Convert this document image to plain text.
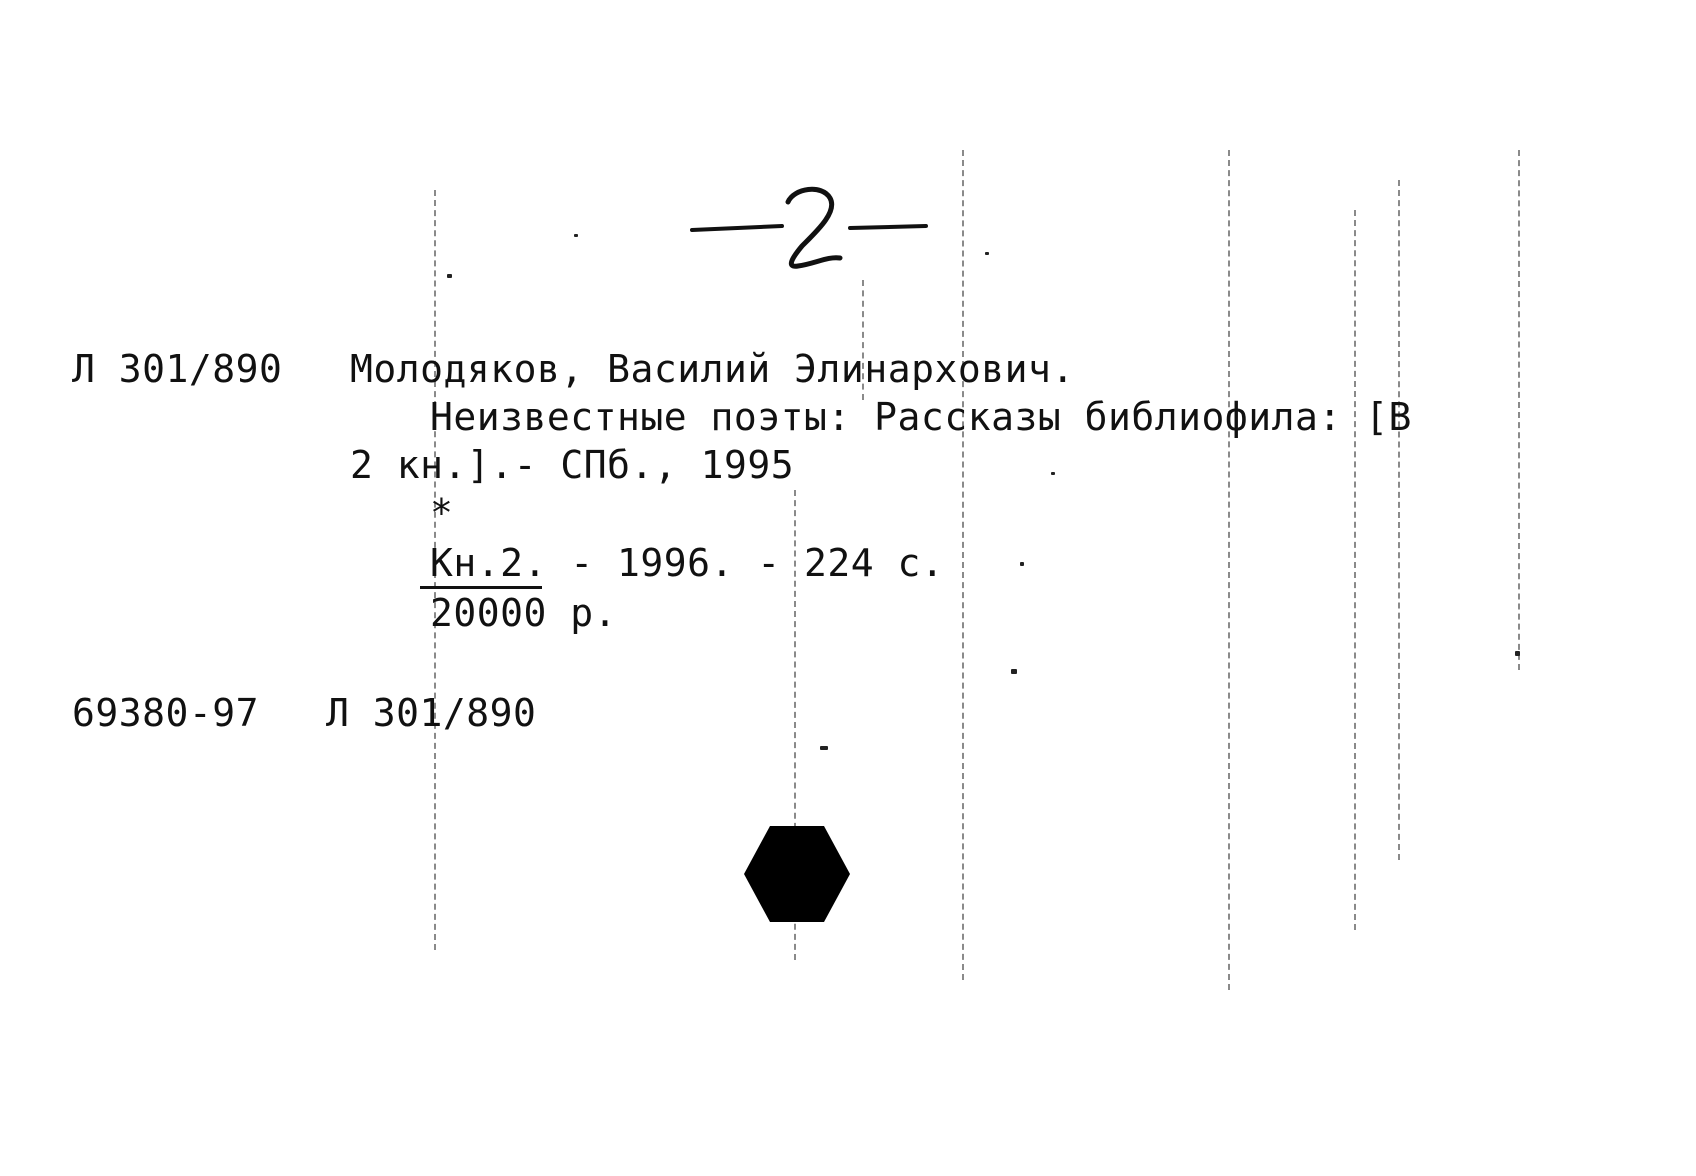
Л 301/890 Молодяков, Василий Элинархович.
Неизвестные поэты: Рассказы библиофила: [В
2 кн.].- СПб., 1995
*
Кн.2. - 1996. - 224 с.
20000 р.
69380-97 Л 301/890
